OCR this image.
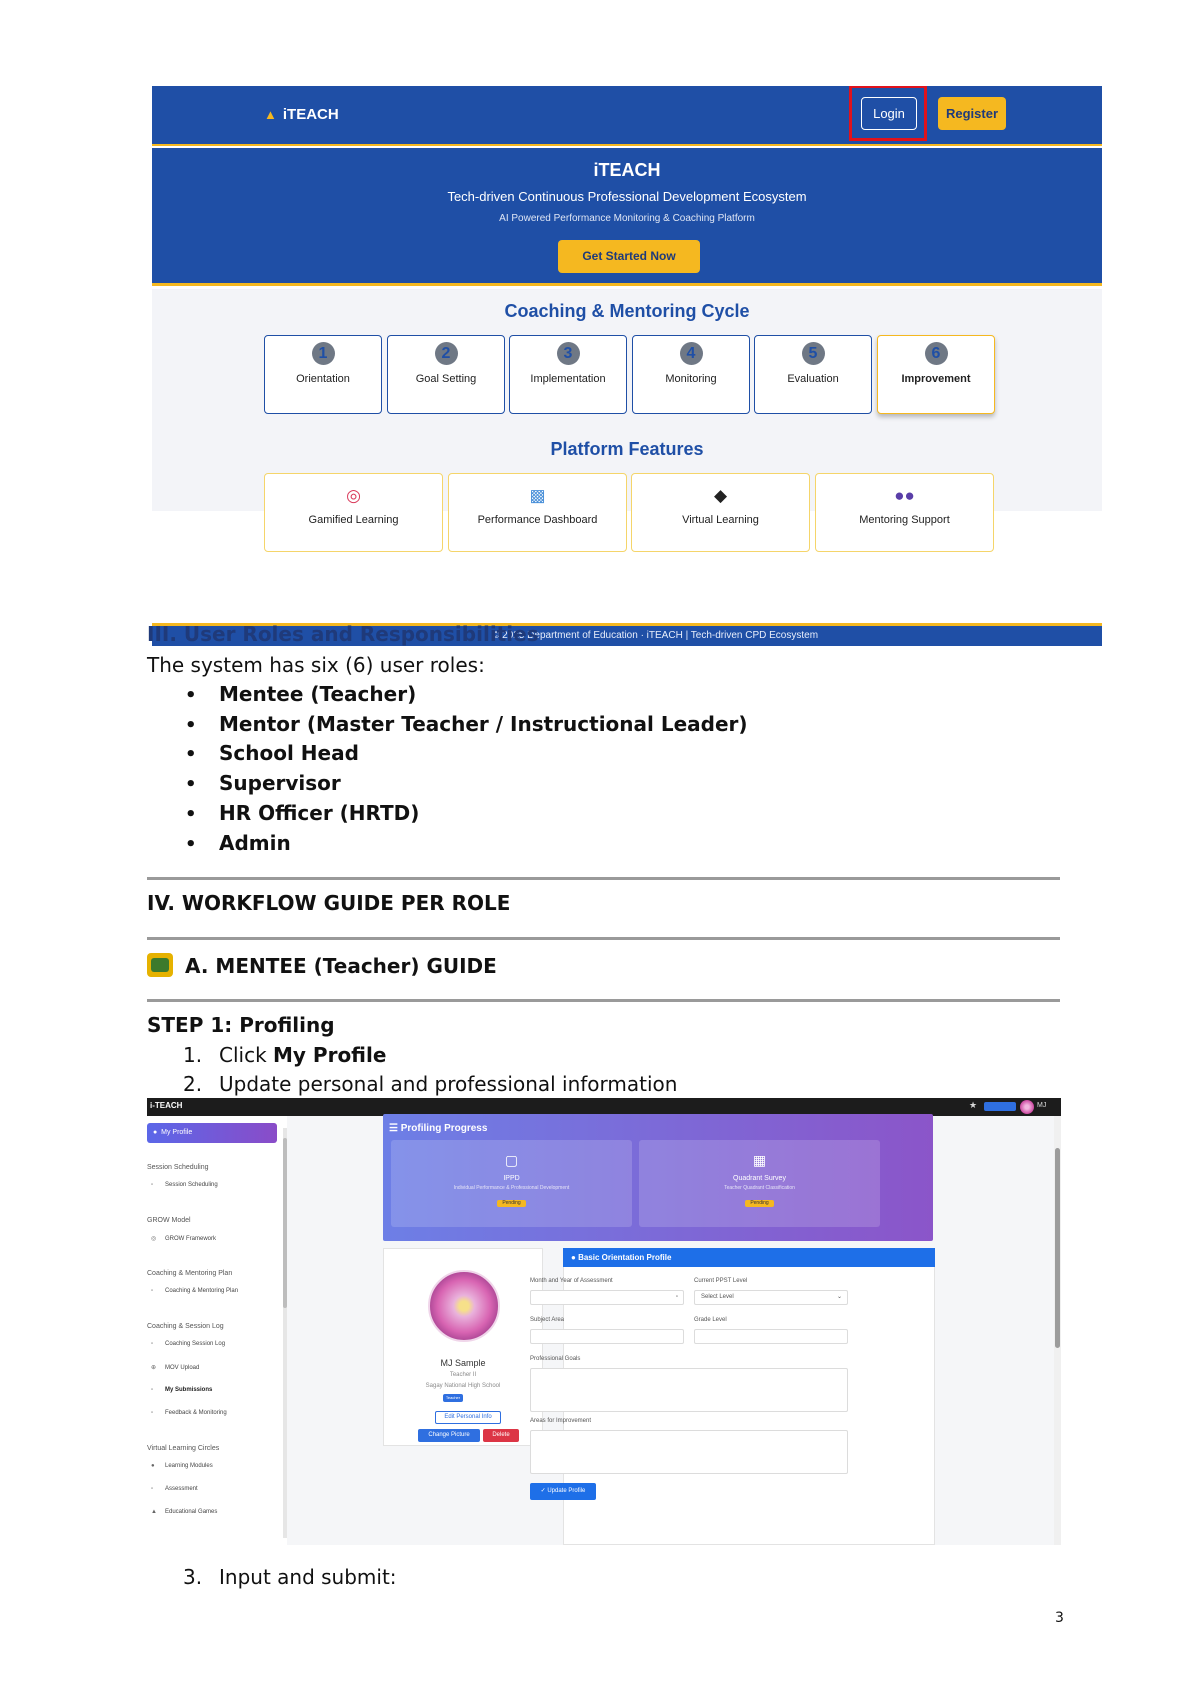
▲ iTEACH	Login	Register
iTEACH
Tech-driven Continuous Professional Development Ecosystem
AI Powered Performance Monitoring & Coaching Platform
Get Started Now
Coaching & Mentoring Cycle
1
Orientation
2
Goal Setting
3
Implementation
4
Monitoring
5
Evaluation
6
Improvement
Platform Features
◎
Gamified Learning
▩
Performance Dashboard
◆
Virtual Learning
●●
Mentoring Support
© 2025 Department of Education · iTEACH | Tech-driven CPD Ecosystem
III. User Roles and Responsibilities
The system has six (6) user roles:
• Mentee (Teacher)
• Mentor (Master Teacher / Instructional Leader)
• School Head
• Supervisor
• HR Officer (HRTD)
• Admin
IV. WORKFLOW GUIDE PER ROLE
A. MENTEE (Teacher) GUIDE
STEP 1: Profiling
1. Click My Profile
2. Update personal and professional information
i-TEACH	★	MJ
●  My Profile
Session Scheduling
▫ Session Scheduling
GROW Model
◎ GROW Framework
Coaching & Mentoring Plan
▫ Coaching & Mentoring Plan
Coaching & Session Log
▫ Coaching Session Log
⊕ MOV Upload
▫ My Submissions
▫ Feedback & Monitoring
Virtual Learning Circles
● Learning Modules
▫ Assessment
▲ Educational Games
☰ Profiling Progress
▢
IPPD
Individual Performance & Professional Development
Pending
▦
Quadrant Survey
Teacher Quadrant Classification
Pending
MJ Sample
Teacher II
Sagay National High School
Teacher
Edit Personal Info
Change Picture	Delete
● Basic Orientation Profile
Month and Year of Assessment
▫
Current PPST Level
Select Level	⌄
Subject Area	Grade Level
Professional Goals
Areas for Improvement
✓ Update Profile
3. Input and submit:
3
